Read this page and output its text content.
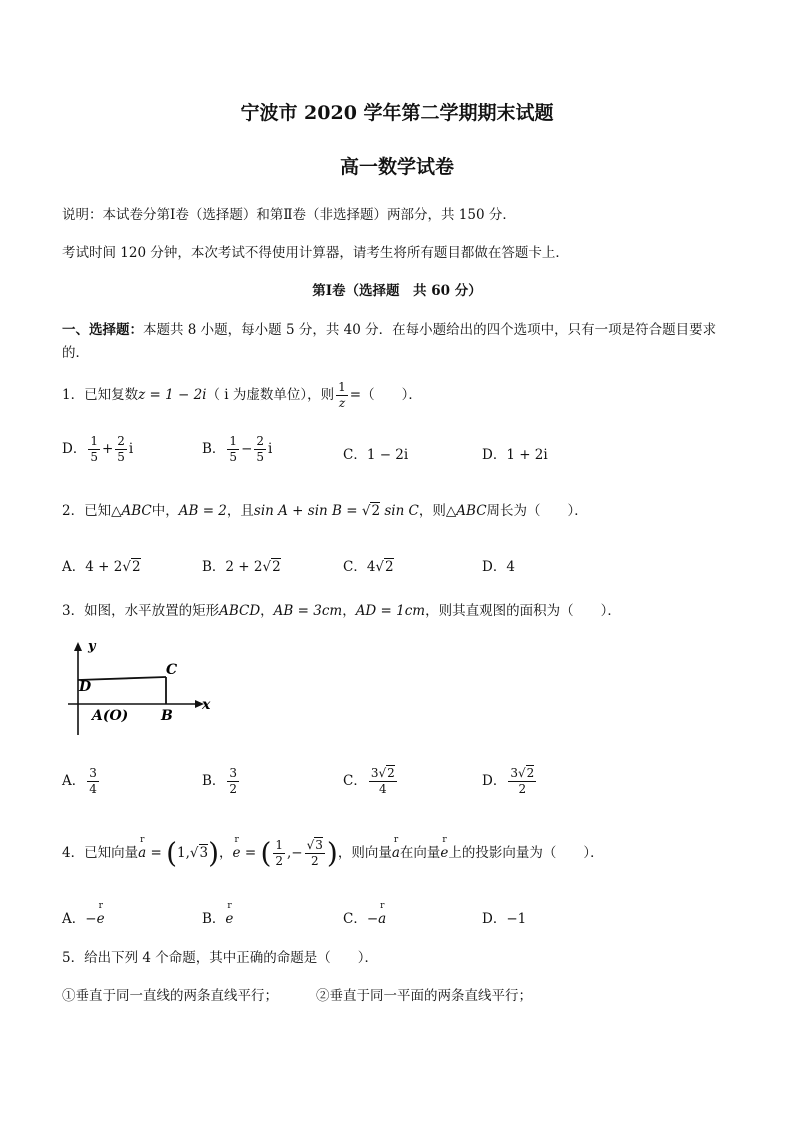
宁波市 2020 学年第二学期期末试题
高一数学试卷
说明：本试卷分第Ⅰ卷（选择题）和第Ⅱ卷（非选择题）两部分，共 150 分．
考试时间 120 分钟，本次考试不得使用计算器，请考生将所有题目都做在答题卡上．
第Ⅰ卷（选择题　共 60 分）
一、选择题：本题共 8 小题，每小题 5 分，共 40 分．在每小题给出的四个选项中，只有一项是符合题目要求
的．
1．已知复数z = 1 − 2i（ i 为虚数单位），则 $\frac{1}{z}$ =（　　）．
D． $\frac{1}{5} + \frac{2}{5}$ i	B． $\frac{1}{5} - \frac{2}{5}$ i	C．1 − 2i	D．1 + 2i
2．已知△ABC中，AB = 2，且sin A + sin B = √2 sin C，则△ABC周长为（　　）．
A．4 + 2√2	B．2 + 2√2	C．4√2	D．4
3．如图，水平放置的矩形ABCD，AB = 3cm，AD = 1cm，则其直观图的面积为（　　）．
y
x
D
C
B
A(O)
A． $\frac{3}{4}$	B． $\frac{3}{2}$	C． $\frac{3√2}{4}$	D． $\frac{3√2}{2}$
4．已知向量r a = (1,√3)，r e = ( $\frac{1}{2}$ ,− $\frac{√3}{2}$ )，则向量r a在向量r e上的投影向量为（　　）．
A．−r e	B．r e	C．−r a	D．−1
5．给出下列 4 个命题，其中正确的命题是（　　）．
①垂直于同一直线的两条直线平行；	②垂直于同一平面的两条直线平行；
